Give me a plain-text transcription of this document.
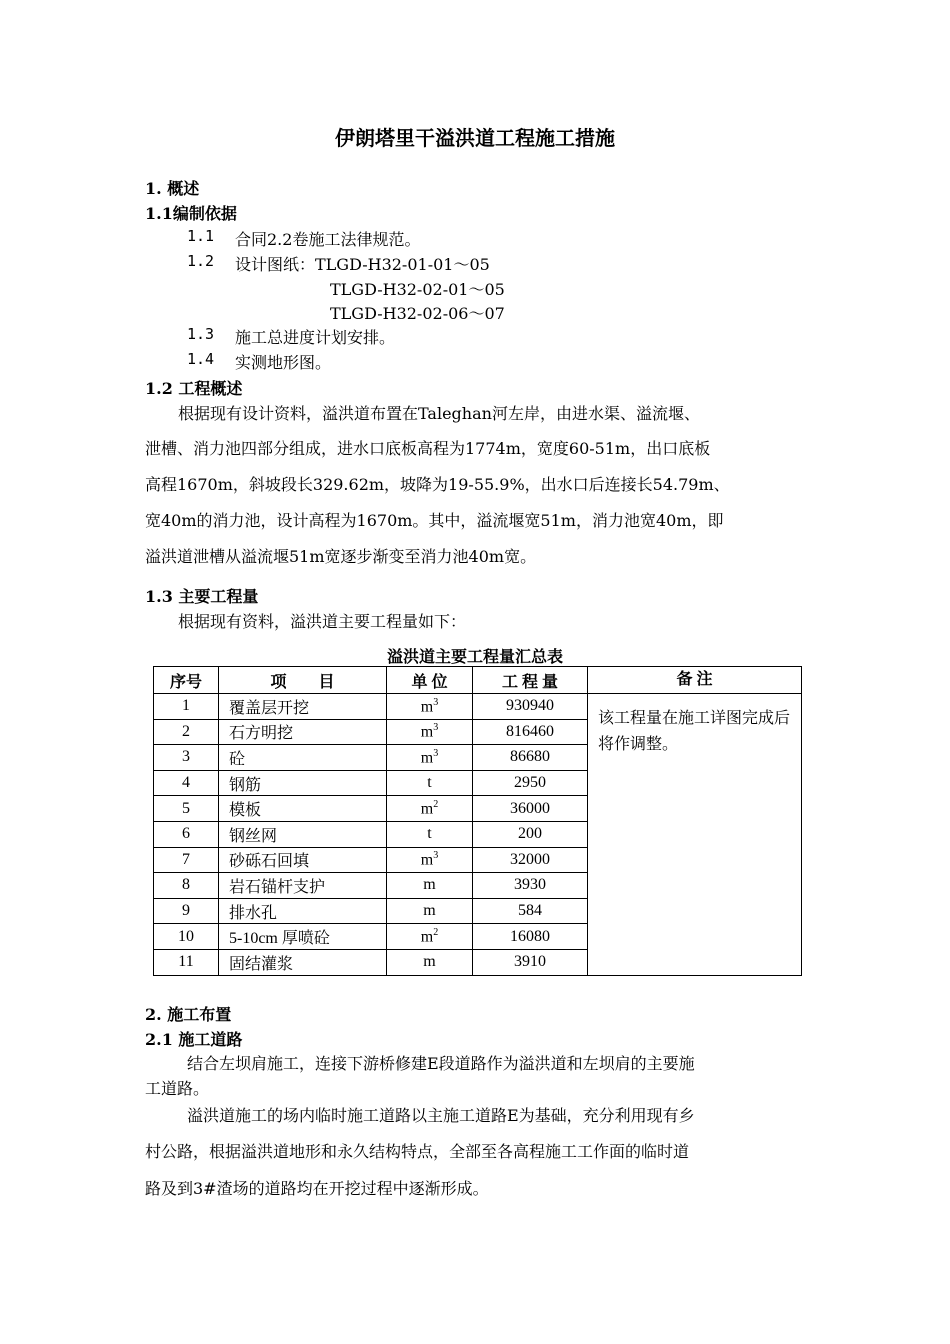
伊朗塔里干溢洪道工程施工措施
1. 概述
1.1编制依据
1.2 工程概述
1.3 主要工程量
根据现有资料，溢洪道主要工程量如下：
溢洪道主要工程量汇总表
序号	项　　目	单 位	工 程 量	备 注
1	覆盖层开挖	$m^3$	930940	该工程量在施工详图完成后将作调整。
2	石方明挖	$m^3$	816460	
3	砼	$m^3$	86680	
4	钢筋	t	2950	
5	模板	$m^2$	36000	
6	钢丝网	t	200	
7	砂砾石回填	$m^3$	32000	
8	岩石锚杆支护	m	3930	
9	排水孔	m	584	
10	5-10cm 厚喷砼	$m^2$	16080	
11	固结灌浆	m	3910	
2. 施工布置
2.1 施工道路
1.1 合同2.2卷施工法律规范。
1.2 设计图纸：TLGD-H32-01-01～05
TLGD-H32-02-01～05
TLGD-H32-02-06～07
1.3 施工总进度计划安排。
1.4 实测地形图。
根据现有设计资料，溢洪道布置在Taleghan河左岸，由进水渠、溢流堰、
泄槽、消力池四部分组成，进水口底板高程为1774m，宽度60-51m，出口底板
高程1670m，斜坡段长329.62m，坡降为19-55.9%，出水口后连接长54.79m、
宽40m的消力池，设计高程为1670m。其中，溢流堰宽51m，消力池宽40m，即
溢洪道泄槽从溢流堰51m宽逐步渐变至消力池40m宽。
结合左坝肩施工，连接下游桥修建E段道路作为溢洪道和左坝肩的主要施
工道路。
溢洪道施工的场内临时施工道路以主施工道路E为基础，充分利用现有乡
村公路，根据溢洪道地形和永久结构特点，全部至各高程施工工作面的临时道
路及到3#渣场的道路均在开挖过程中逐渐形成。
